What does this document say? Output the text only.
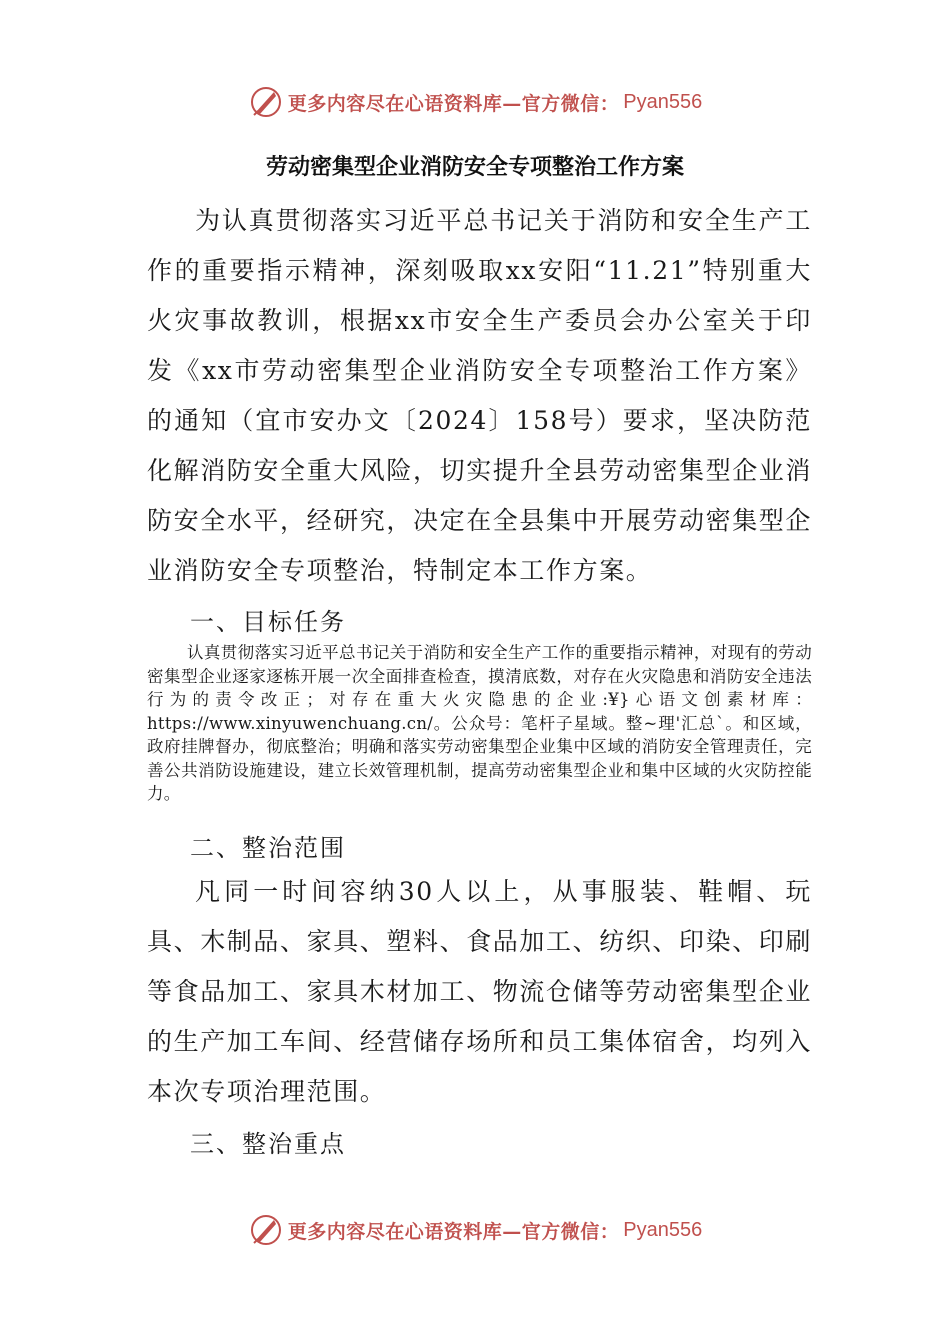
更多内容尽在心语资料库—官方微信： Pyan556
劳动密集型企业消防安全专项整治工作方案

为认真贯彻落实习近平总书记关于消防和安全生产工作的重要指示精神，深刻吸取xx安阳“11.21”特别重大火灾事故教训，根据xx市安全生产委员会办公室关于印发《xx市劳动密集型企业消防安全专项整治工作方案》的通知（宜市安办文〔2024〕158号）要求，坚决防范化解消防安全重大风险，切实提升全县劳动密集型企业消防安全水平，经研究，决定在全县集中开展劳动密集型企业消防安全专项整治，特制定本工作方案。

一、目标任务

认真贯彻落实习近平总书记关于消防和安全生产工作的重要指示精神，对现有的劳动密集型企业逐家逐栋开展一次全面排查检查，摸清底数，对存在火灾隐患和消防安全违法行为的责令改正；对存在重大火灾隐患的企业:¥}心语文创素材库：https://www.xinyuwenchuang.cn/。公众号：笔杆子星域。整~理'汇总`。和区域，政府挂牌督办，彻底整治；明确和落实劳动密集型企业集中区域的消防安全管理责任，完善公共消防设施建设，建立长效管理机制，提高劳动密集型企业和集中区域的火灾防控能力。

二、整治范围

凡同一时间容纳30人以上，从事服装、鞋帽、玩具、木制品、家具、塑料、食品加工、纺织、印染、印刷等食品加工、家具木材加工、物流仓储等劳动密集型企业的生产加工车间、经营储存场所和员工集体宿舍，均列入本次专项治理范围。

三、整治重点

更多内容尽在心语资料库—官方微信： Pyan556
